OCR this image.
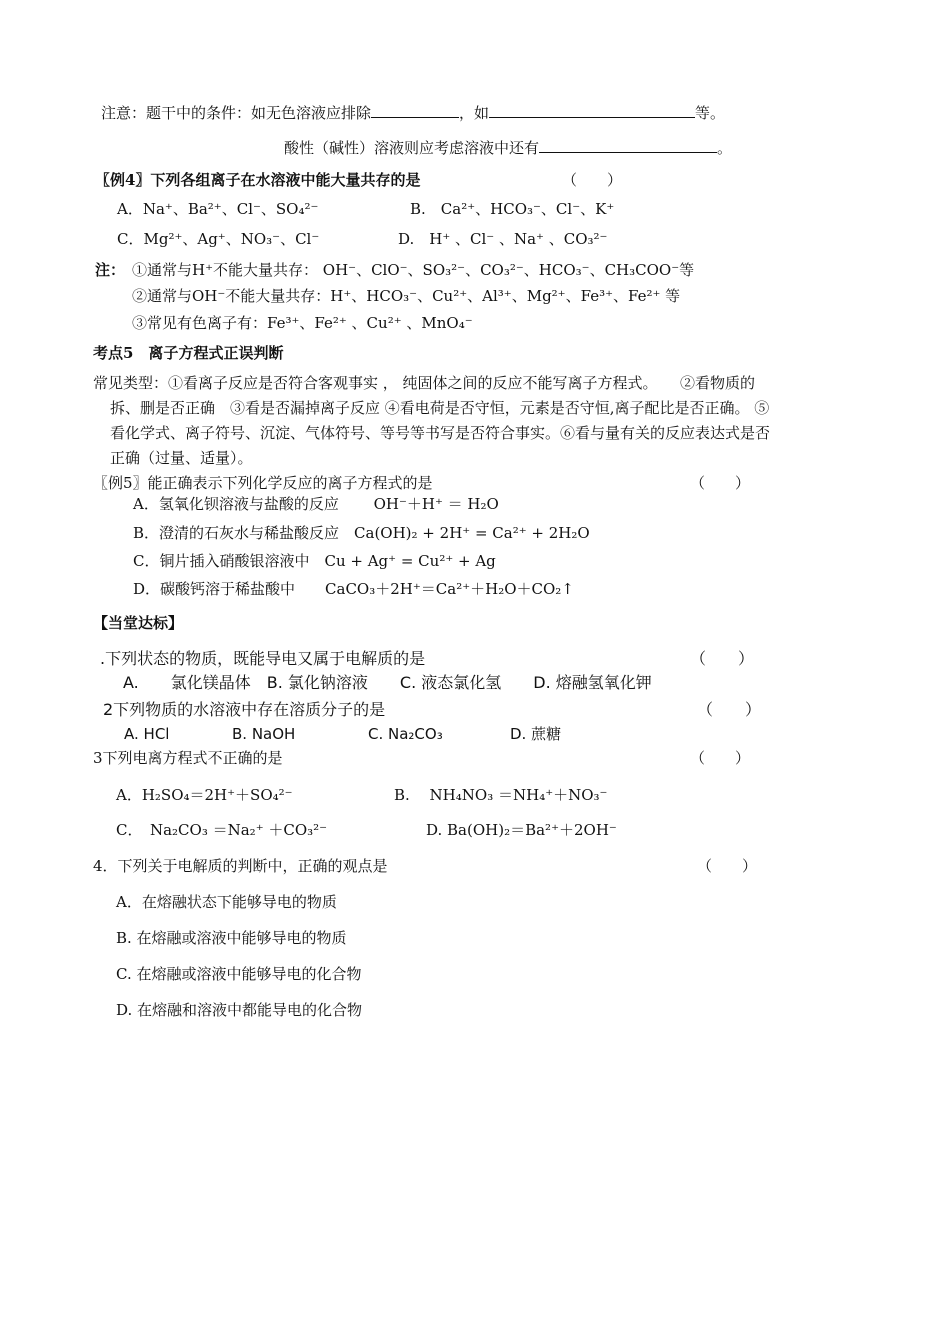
注意：题干中的条件：如无色溶液应排除	，如	等。
酸性（碱性）溶液则应考虑溶液中还有	。
〖例4〗下列各组离子在水溶液中能大量共存的是	（　　）
A．Na⁺、Ba²⁺、Cl⁻、SO₄²⁻	B.　Ca²⁺、HCO₃⁻、Cl⁻、K⁺
C．Mg²⁺、Ag⁺、NO₃⁻、Cl⁻	D.　H⁺ 、Cl⁻ 、Na⁺ 、CO₃²⁻
注： ①通常与H⁺不能大量共存： OH⁻、ClO⁻、SO₃²⁻、CO₃²⁻、HCO₃⁻、CH₃COO⁻等
②通常与OH⁻不能大量共存：H⁺、HCO₃⁻、Cu²⁺、Al³⁺、Mg²⁺、Fe³⁺、Fe²⁺ 等
③常见有色离子有：Fe³⁺、Fe²⁺ 、Cu²⁺ 、MnO₄⁻
考点5　离子方程式正误判断
常见类型：①看离子反应是否符合客观事实 ， 纯固体之间的反应不能写离子方程式。　　②看物质的
拆、删是否正确　③看是否漏掉离子反应 ④看电荷是否守恒，元素是否守恒,离子配比是否正确。 ⑤
看化学式、离子符号、沉淀、气体符号、等号等书写是否符合事实。⑥看与量有关的反应表达式是否
正确（过量、适量）。
〖例5〗能正确表示下列化学反应的离子方程式的是	（　　）
A．氢氧化钡溶液与盐酸的反应　　 OH⁻＋H⁺ ＝ H₂O
B．澄清的石灰水与稀盐酸反应　Ca(OH)₂ + 2H⁺ = Ca²⁺ + 2H₂O
C．铜片插入硝酸银溶液中　Cu + Ag⁺ = Cu²⁺ + Ag
D．碳酸钙溶于稀盐酸中　　CaCO₃＋2H⁺＝Ca²⁺＋H₂O＋CO₂↑
【当堂达标】
.下列状态的物质，既能导电又属于电解质的是	（　　）
A.　　氯化镁晶体　B. 氯化钠溶液　　C. 液态氯化氢　　D. 熔融氢氧化钾
2下列物质的水溶液中存在溶质分子的是	（　　）
A. HCl	B. NaOH	C. Na₂CO₃	D. 蔗糖
3下列电离方程式不正确的是	（　　）
A．H₂SO₄＝2H⁺＋SO₄²⁻	B.　 NH₄NO₃ ＝NH₄⁺＋NO₃⁻
C．　Na₂CO₃ ＝Na₂⁺ ＋CO₃²⁻	D. Ba(OH)₂＝Ba²⁺＋2OH⁻
4．下列关于电解质的判断中，正确的观点是	（　　）
A．在熔融状态下能够导电的物质
B. 在熔融或溶液中能够导电的物质
C. 在熔融或溶液中能够导电的化合物
D. 在熔融和溶液中都能导电的化合物
